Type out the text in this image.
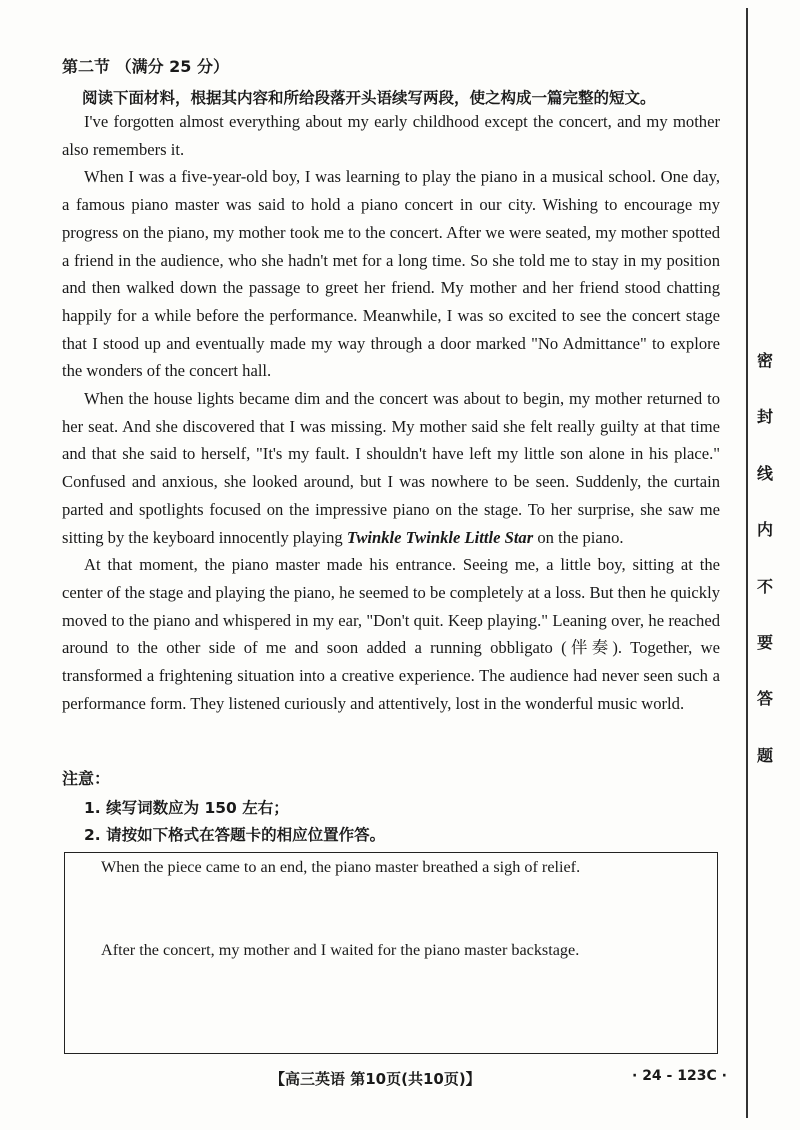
第二节 （满分 25 分）
阅读下面材料，根据其内容和所给段落开头语续写两段，使之构成一篇完整的短文。

I've forgotten almost everything about my early childhood except the concert, and my mother also remembers it.

When I was a five-year-old boy, I was learning to play the piano in a musical school. One day, a famous piano master was said to hold a piano concert in our city. Wishing to encourage my progress on the piano, my mother took me to the concert. After we were seated, my mother spotted a friend in the audience, who she hadn't met for a long time. So she told me to stay in my position and then walked down the passage to greet her friend. My mother and her friend stood chatting happily for a while before the performance. Meanwhile, I was so excited to see the concert stage that I stood up and eventually made my way through a door marked "No Admittance" to explore the wonders of the concert hall.

When the house lights became dim and the concert was about to begin, my mother returned to her seat. And she discovered that I was missing. My mother said she felt really guilty at that time and that she said to herself, "It's my fault. I shouldn't have left my little son alone in his place." Confused and anxious, she looked around, but I was nowhere to be seen. Suddenly, the curtain parted and spotlights focused on the impressive piano on the stage. To her surprise, she saw me sitting by the keyboard innocently playing Twinkle Twinkle Little Star on the piano.

At that moment, the piano master made his entrance. Seeing me, a little boy, sitting at the center of the stage and playing the piano, he seemed to be completely at a loss. But then he quickly moved to the piano and whispered in my ear, "Don't quit. Keep playing." Leaning over, he reached around to the other side of me and soon added a running obbligato (伴奏). Together, we transformed a frightening situation into a creative experience. The audience had never seen such a performance form. They listened curiously and attentively, lost in the wonderful music world.

注意：
1. 续写词数应为 150 左右；
2. 请按如下格式在答题卡的相应位置作答。
When the piece came to an end, the piano master breathed a sigh of relief.
After the concert, my mother and I waited for the piano master backstage.
【高三英语 第10页(共10页)】	· 24 - 123C ·
密
封
线
内
不
要
答
题
